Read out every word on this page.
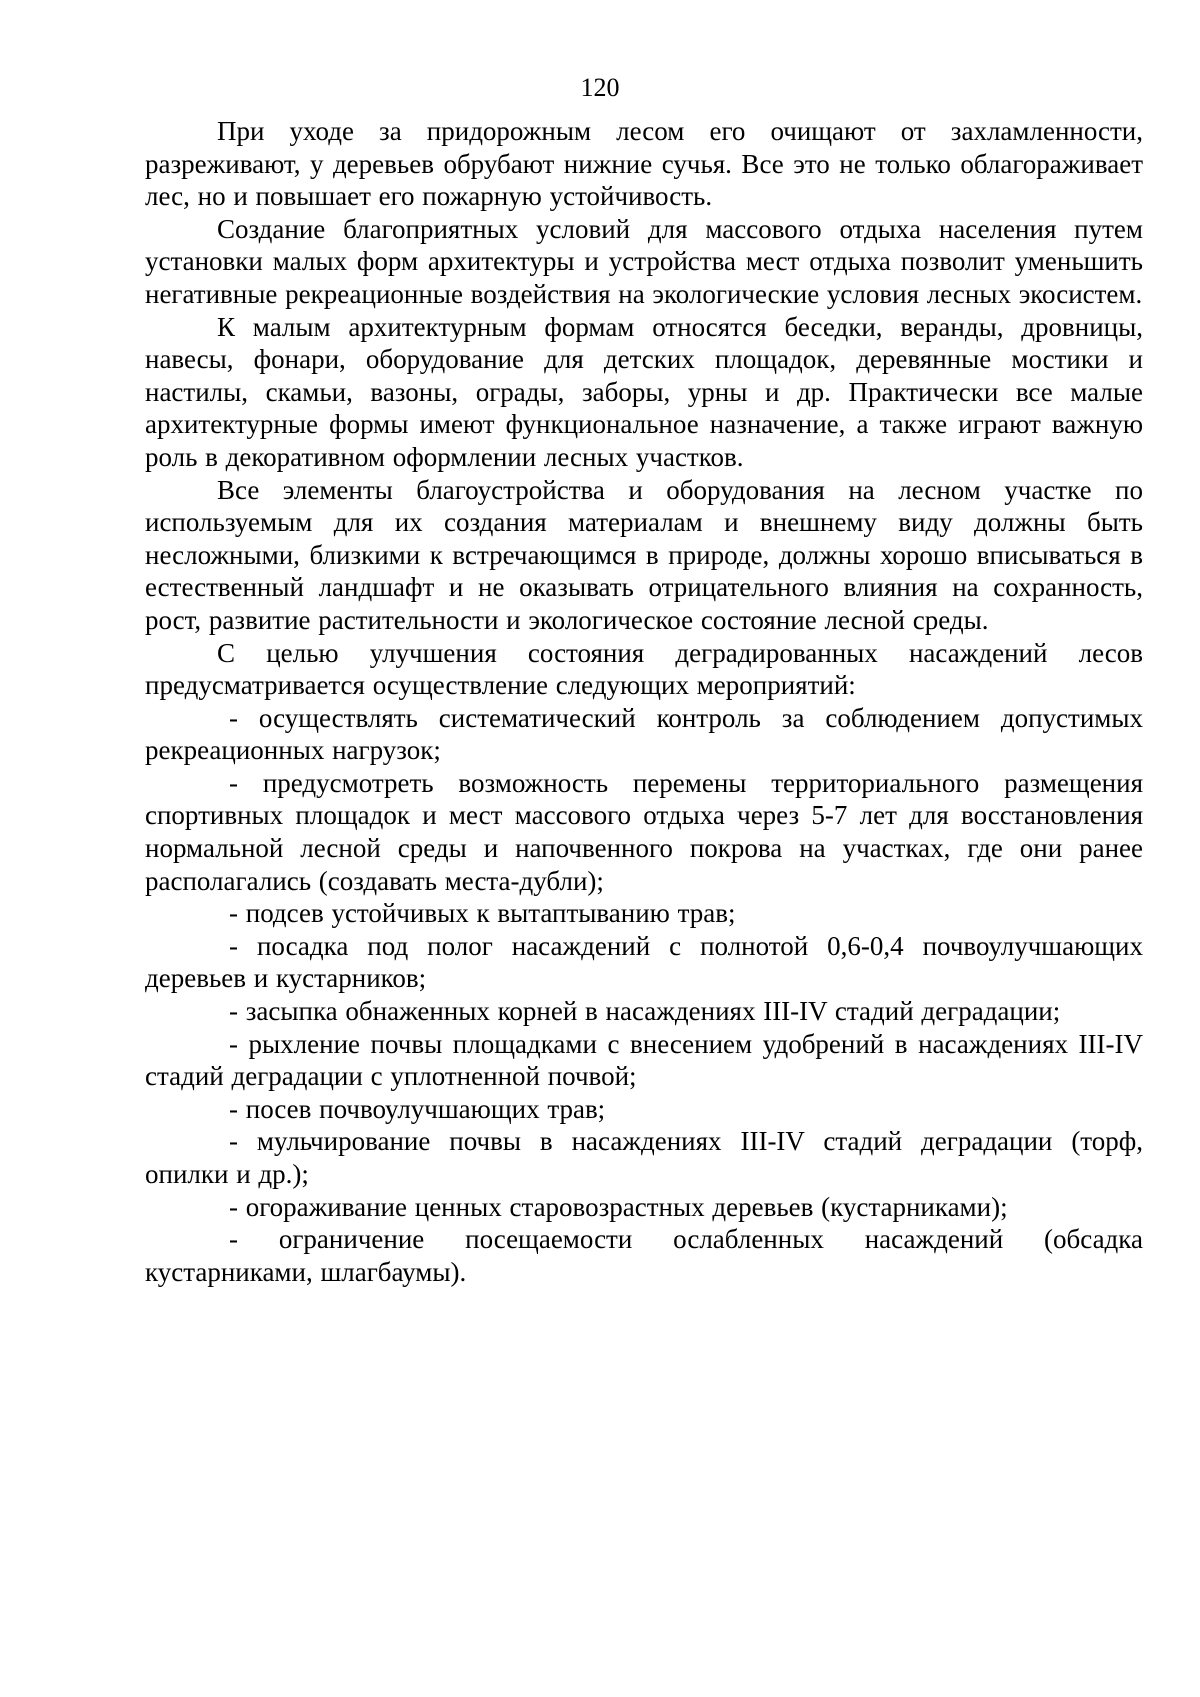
120

При уходе за придорожным лесом его очищают от захламленности, разреживают, у деревьев обрубают нижние сучья. Все это не только облагораживает лес, но и повышает его пожарную устойчивость.

Создание благоприятных условий для массового отдыха населения путем установки малых форм архитектуры и устройства мест отдыха позволит уменьшить негативные рекреационные воздействия на экологические условия лесных экосистем.

К малым архитектурным формам относятся беседки, веранды, дровницы, навесы, фонари, оборудование для детских площадок, деревянные мостики и настилы, скамьи, вазоны, ограды, заборы, урны и др. Практически все малые архитектурные формы имеют функциональное назначение, а также играют важную роль в декоративном оформлении лесных участков.

Все элементы благоустройства и оборудования на лесном участке по используемым для их создания материалам и внешнему виду должны быть несложными, близкими к встречающимся в природе, должны хорошо вписываться в естественный ландшафт и не оказывать отрицательного влияния на сохранность, рост, развитие растительности и экологическое состояние лесной среды.

С целью улучшения состояния деградированных насаждений лесов предусматривается осуществление следующих мероприятий:

- осуществлять систематический контроль за соблюдением допустимых рекреационных нагрузок;

- предусмотреть возможность перемены территориального размещения спортивных площадок и мест массового отдыха через 5-7 лет для восстановления нормальной лесной среды и напочвенного покрова на участках, где они ранее располагались (создавать места-дубли);

- подсев устойчивых к вытаптыванию трав;

- посадка под полог насаждений с полнотой 0,6-0,4 почвоулучшающих деревьев и кустарников;

- засыпка обнаженных корней в насаждениях III-IV стадий деградации;

- рыхление почвы площадками с внесением удобрений в насаждениях III-IV стадий деградации с уплотненной почвой;

- посев почвоулучшающих трав;

- мульчирование почвы в насаждениях III-IV стадий деградации (торф, опилки и др.);

- огораживание ценных старовозрастных деревьев (кустарниками);

- ограничение посещаемости ослабленных насаждений (обсадка кустарниками, шлагбаумы).
